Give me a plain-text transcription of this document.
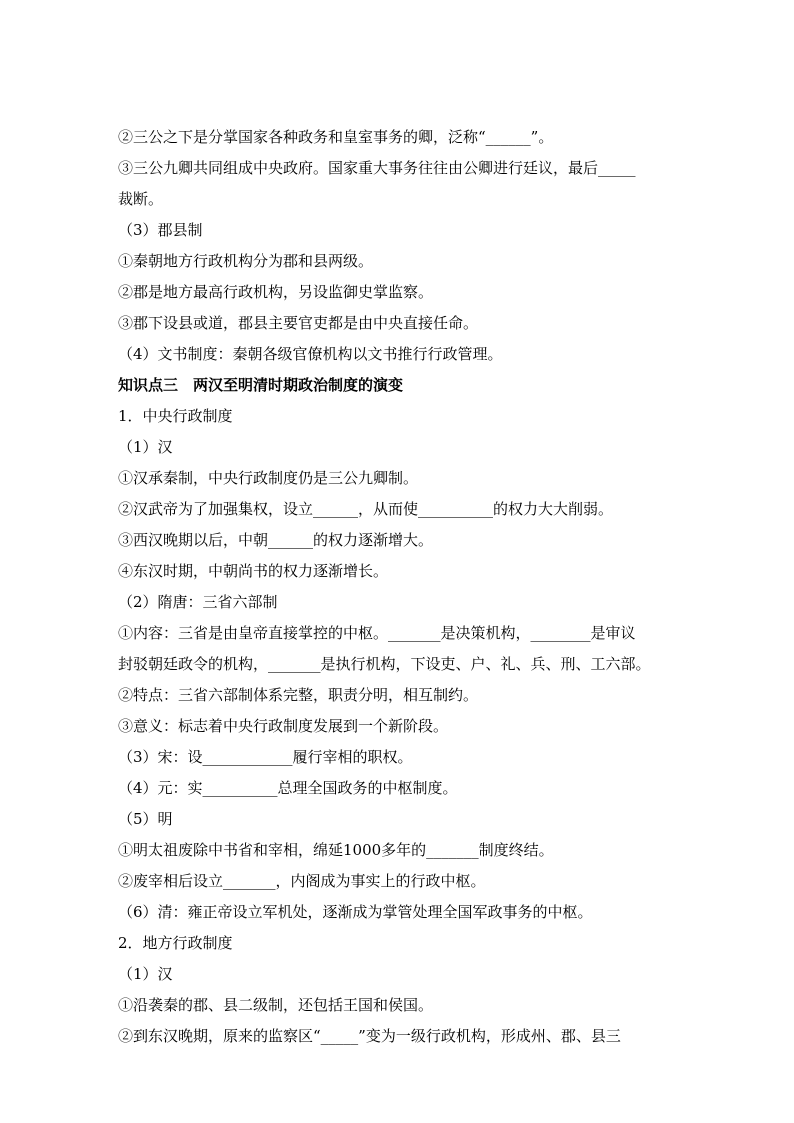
②三公之下是分掌国家各种政务和皇室事务的卿，泛称“______”。
③三公九卿共同组成中央政府。国家重大事务往往由公卿进行廷议，最后_____
裁断。
（3）郡县制
①秦朝地方行政机构分为郡和县两级。
②郡是地方最高行政机构，另设监御史掌监察。
③郡下设县或道，郡县主要官吏都是由中央直接任命。
（4）文书制度：秦朝各级官僚机构以文书推行行政管理。
知识点三　两汉至明清时期政治制度的演变
1．中央行政制度
（1）汉
①汉承秦制，中央行政制度仍是三公九卿制。
②汉武帝为了加强集权，设立______，从而使__________的权力大大削弱。
③西汉晚期以后，中朝______的权力逐渐增大。
④东汉时期，中朝尚书的权力逐渐增长。
（2）隋唐：三省六部制
①内容：三省是由皇帝直接掌控的中枢。_______是决策机构，________是审议
封驳朝廷政令的机构，_______是执行机构，下设吏、户、礼、兵、刑、工六部。
②特点：三省六部制体系完整，职责分明，相互制约。
③意义：标志着中央行政制度发展到一个新阶段。
（3）宋：设____________履行宰相的职权。
（4）元：实__________总理全国政务的中枢制度。
（5）明
①明太祖废除中书省和宰相，绵延1000多年的_______制度终结。
②废宰相后设立_______，内阁成为事实上的行政中枢。
（6）清：雍正帝设立军机处，逐渐成为掌管处理全国军政事务的中枢。
2．地方行政制度
（1）汉
①沿袭秦的郡、县二级制，还包括王国和侯国。
②到东汉晚期，原来的监察区“_____”变为一级行政机构，形成州、郡、县三
